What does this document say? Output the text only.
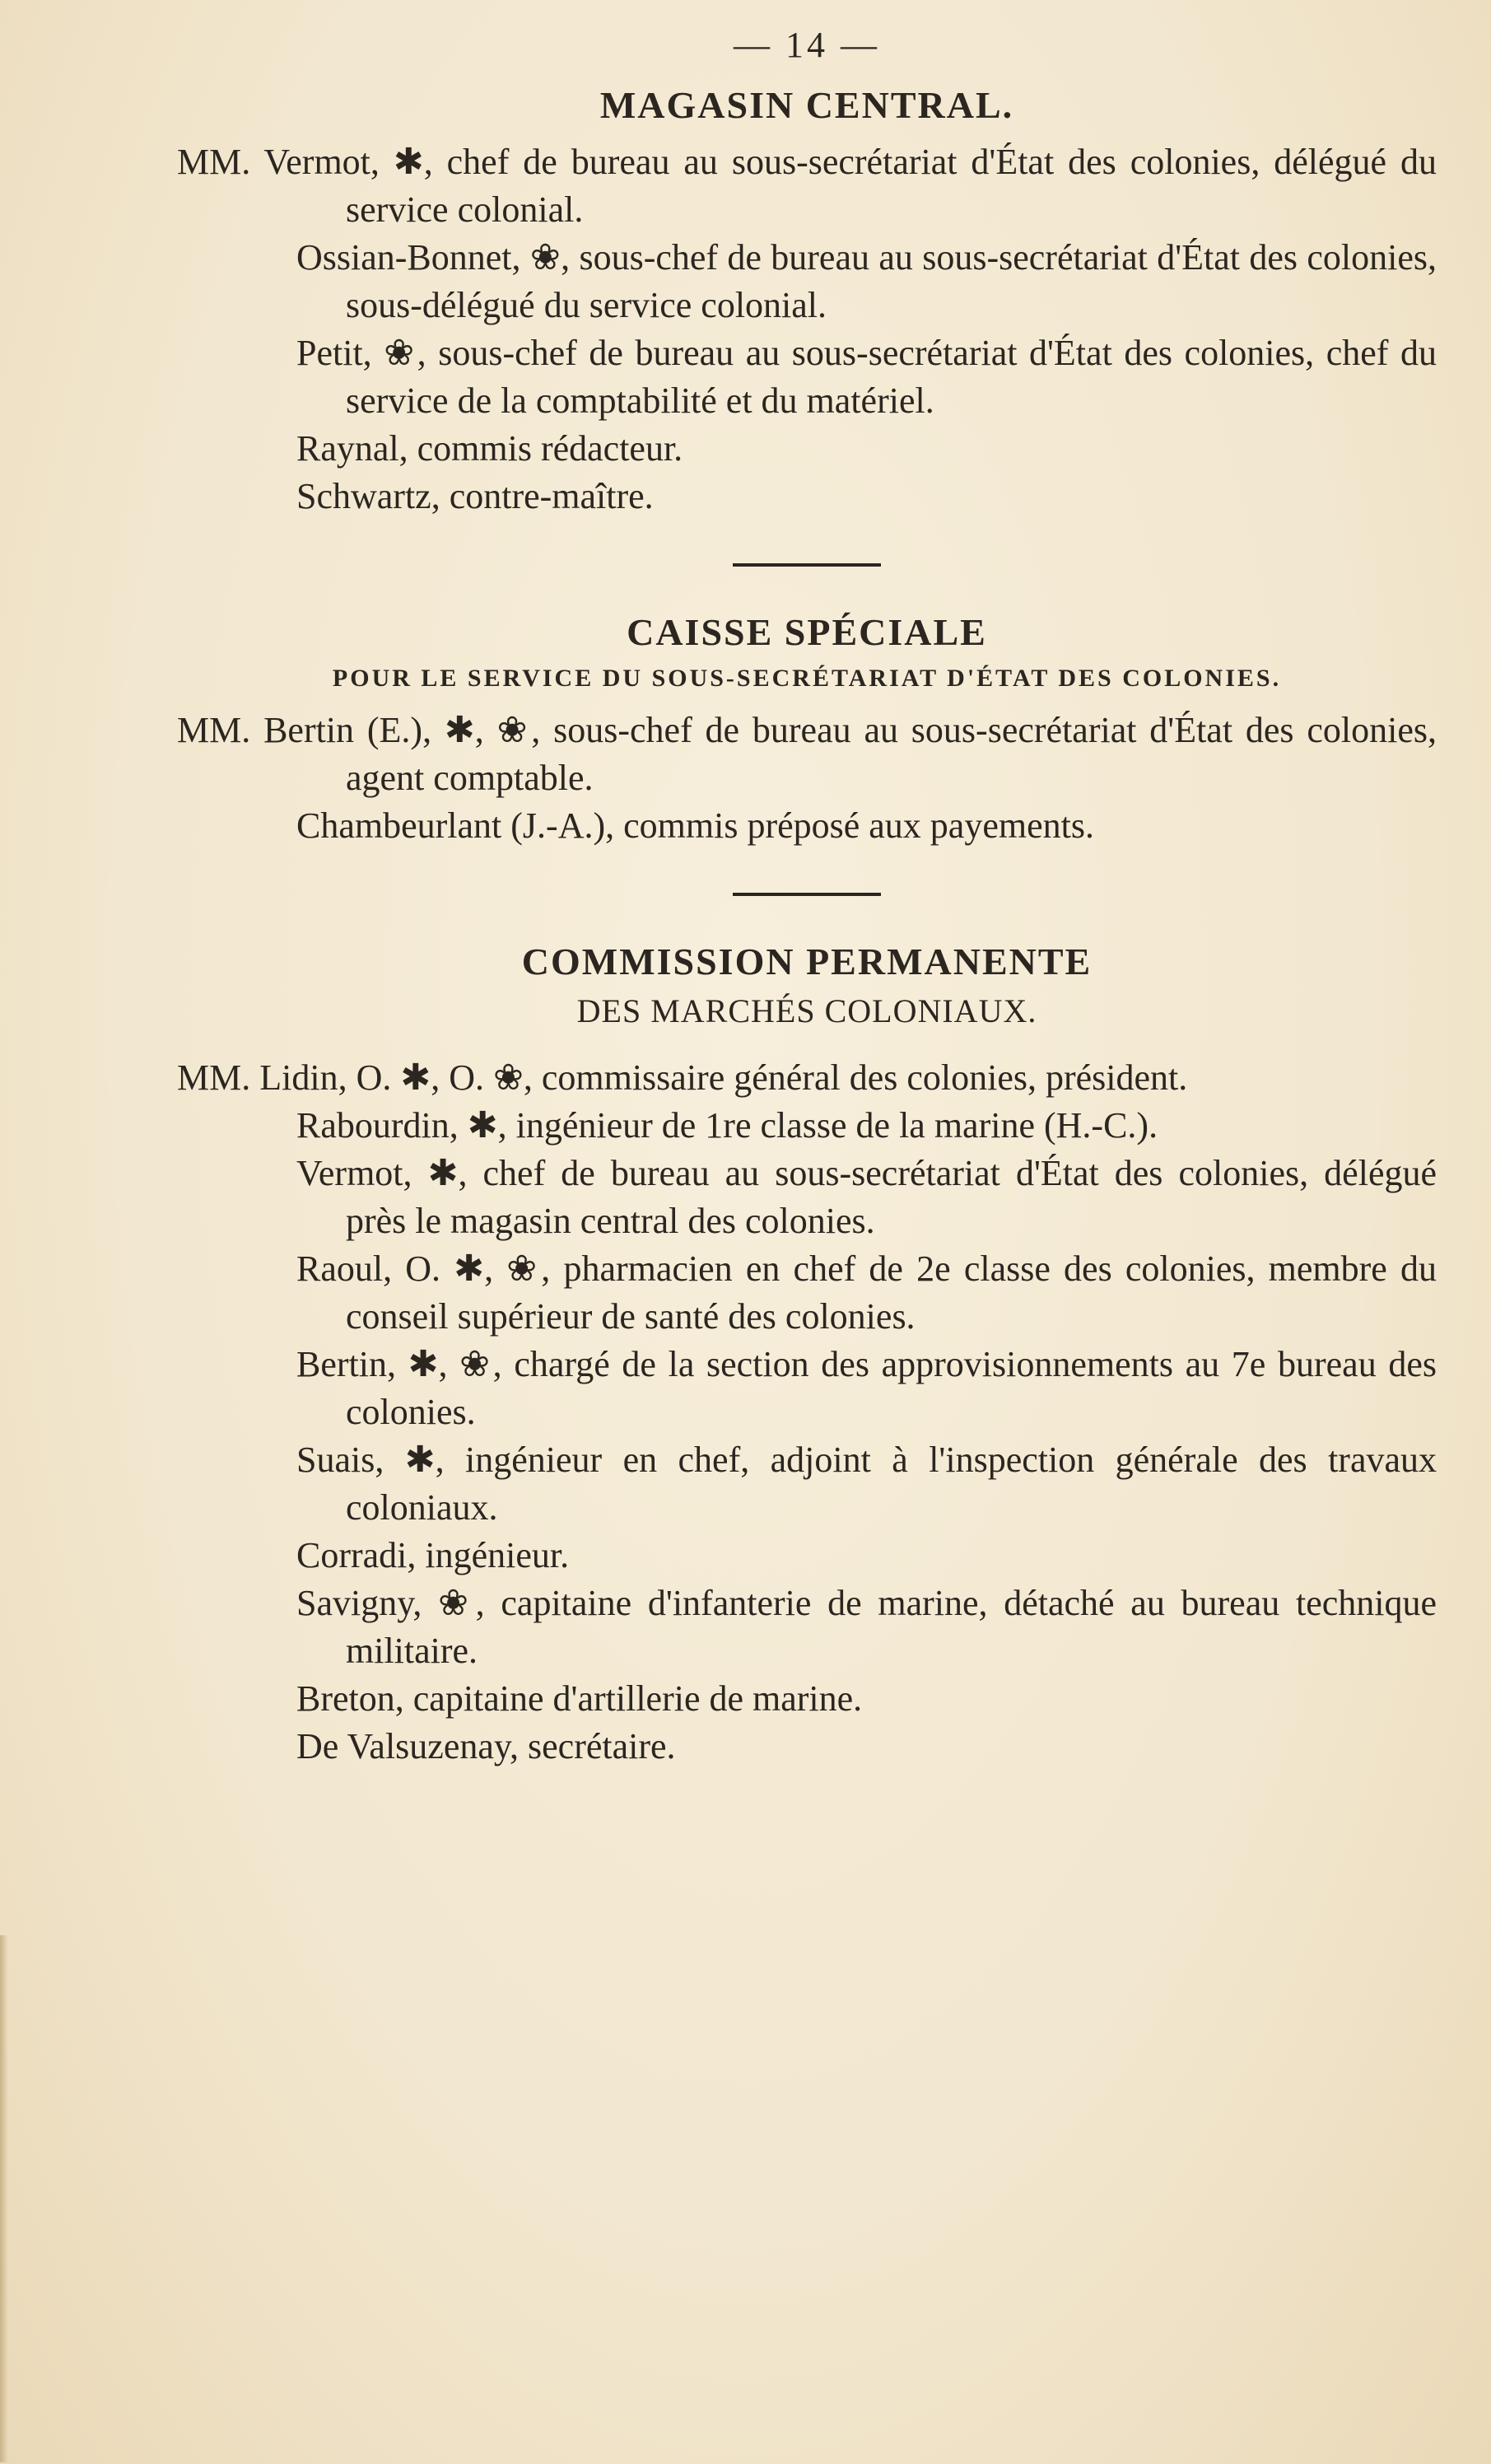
— 14 —
MAGASIN CENTRAL.
MM. Vermot, ✱, chef de bureau au sous-secrétariat d'État des colonies, délégué du service colonial.
Ossian-Bonnet, ❀, sous-chef de bureau au sous-secrétariat d'État des colonies, sous-délégué du service colonial.
Petit, ❀, sous-chef de bureau au sous-secrétariat d'État des colonies, chef du service de la comptabilité et du matériel.
Raynal, commis rédacteur.
Schwartz, contre-maître.
CAISSE SPÉCIALE
POUR LE SERVICE DU SOUS-SECRÉTARIAT D'ÉTAT DES COLONIES.
MM. Bertin (E.), ✱, ❀, sous-chef de bureau au sous-secrétariat d'État des colonies, agent comptable.
Chambeurlant (J.-A.), commis préposé aux payements.
COMMISSION PERMANENTE
DES MARCHÉS COLONIAUX.
MM. Lidin, O. ✱, O. ❀, commissaire général des colonies, président.
Rabourdin, ✱, ingénieur de 1re classe de la marine (H.-C.).
Vermot, ✱, chef de bureau au sous-secrétariat d'État des colonies, délégué près le magasin central des colonies.
Raoul, O. ✱, ❀, pharmacien en chef de 2e classe des colonies, membre du conseil supérieur de santé des colonies.
Bertin, ✱, ❀, chargé de la section des approvisionnements au 7e bureau des colonies.
Suais, ✱, ingénieur en chef, adjoint à l'inspection générale des travaux coloniaux.
Corradi, ingénieur.
Savigny, ❀, capitaine d'infanterie de marine, détaché au bureau technique militaire.
Breton, capitaine d'artillerie de marine.
De Valsuzenay, secrétaire.
